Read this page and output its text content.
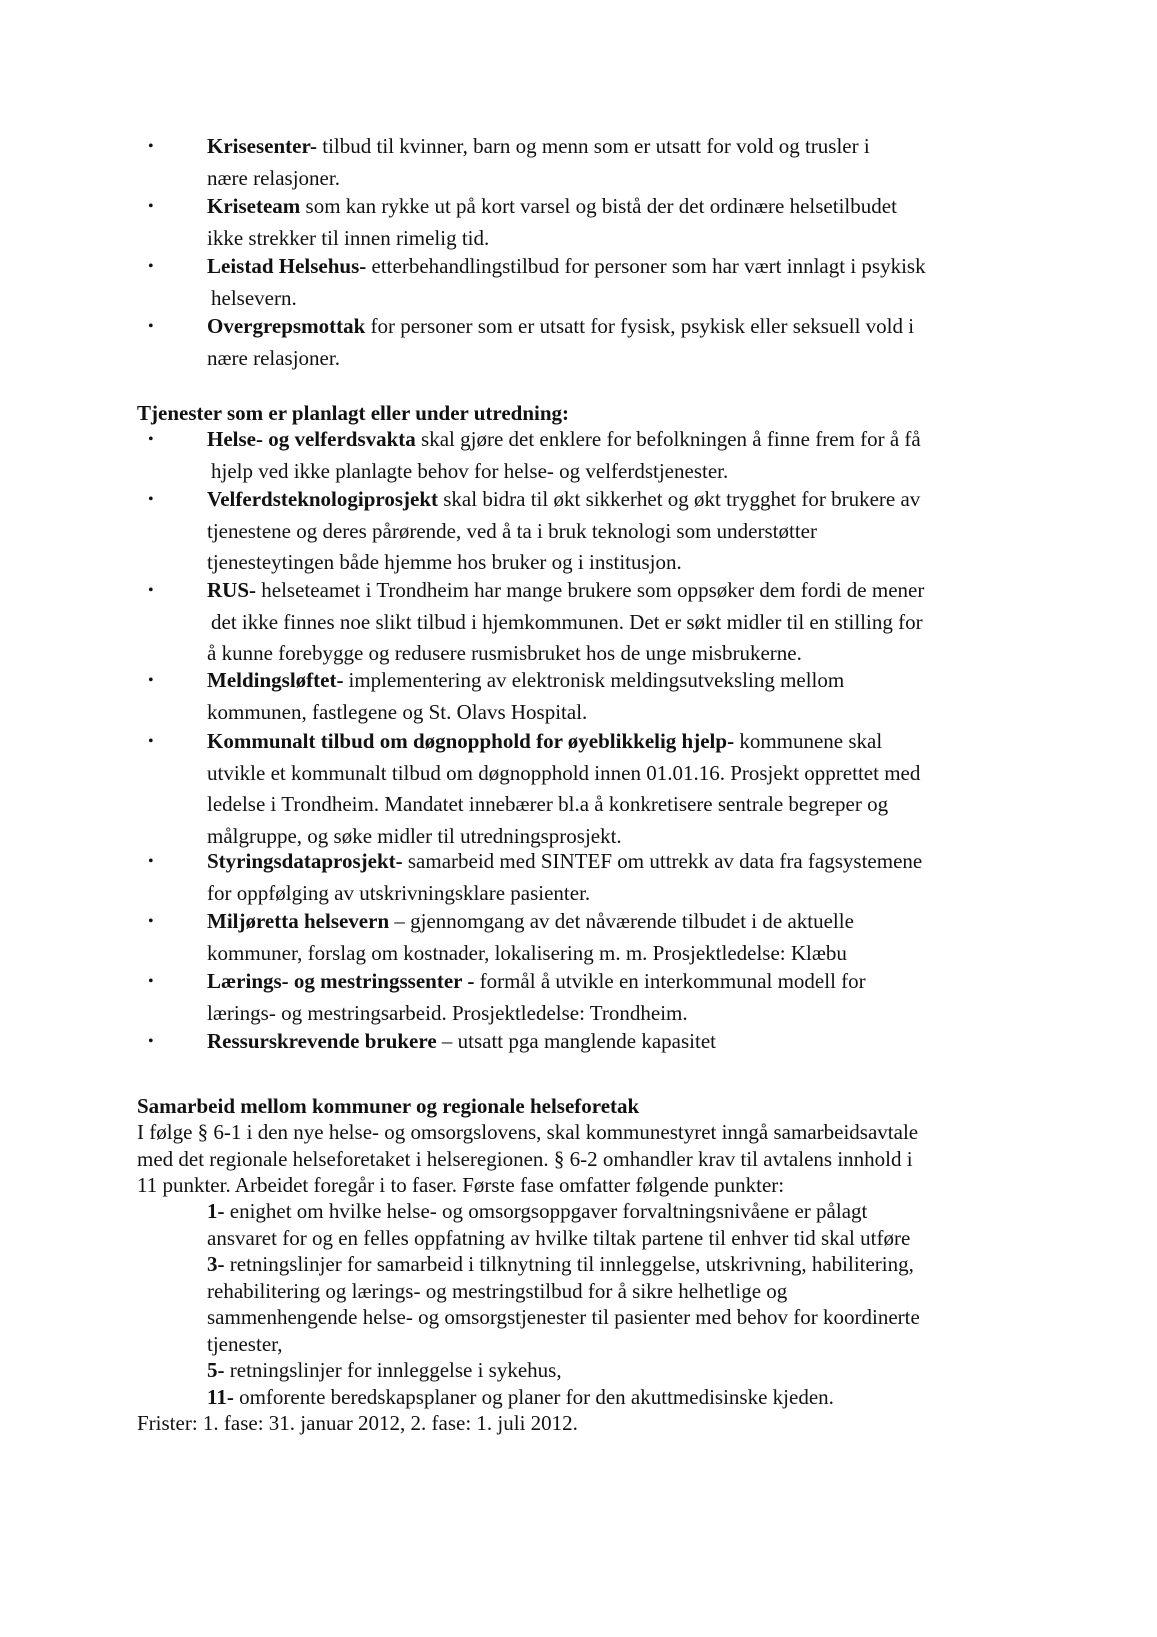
•	Krisesenter- tilbud til kvinner, barn og menn som er utsatt for vold og trusler i
nære relasjoner.
•	Kriseteam som kan rykke ut på kort varsel og bistå der det ordinære helsetilbudet
ikke strekker til innen rimelig tid.
•	Leistad Helsehus- etterbehandlingstilbud for personer som har vært innlagt i psykisk
helsevern.
•	Overgrepsmottak for personer som er utsatt for fysisk, psykisk eller seksuell vold i
nære relasjoner.
Tjenester som er planlagt eller under utredning:
•	Helse- og velferdsvakta skal gjøre det enklere for befolkningen å finne frem for å få
hjelp ved ikke planlagte behov for helse- og velferdstjenester.
•	Velferdsteknologiprosjekt skal bidra til økt sikkerhet og økt trygghet for brukere av
tjenestene og deres pårørende, ved å ta i bruk teknologi som understøtter
tjenesteytingen både hjemme hos bruker og i institusjon.
•	RUS- helseteamet i Trondheim har mange brukere som oppsøker dem fordi de mener
det ikke finnes noe slikt tilbud i hjemkommunen. Det er søkt midler til en stilling for
å kunne forebygge og redusere rusmisbruket hos de unge misbrukerne.
•	Meldingsløftet- implementering av elektronisk meldingsutveksling mellom
kommunen, fastlegene og St. Olavs Hospital.
•	Kommunalt tilbud om døgnopphold for øyeblikkelig hjelp- kommunene skal
utvikle et kommunalt tilbud om døgnopphold innen 01.01.16. Prosjekt opprettet med
ledelse i Trondheim. Mandatet innebærer bl.a å konkretisere sentrale begreper og
målgruppe, og søke midler til utredningsprosjekt.
•	Styringsdataprosjekt- samarbeid med SINTEF om uttrekk av data fra fagsystemene
for oppfølging av utskrivningsklare pasienter.
•	Miljøretta helsevern – gjennomgang av det nåværende tilbudet i de aktuelle
kommuner, forslag om kostnader, lokalisering m. m. Prosjektledelse: Klæbu
•	Lærings- og mestringssenter - formål å utvikle en interkommunal modell for
lærings- og mestringsarbeid. Prosjektledelse: Trondheim.
•	Ressurskrevende brukere – utsatt pga manglende kapasitet
Samarbeid mellom kommuner og regionale helseforetak
I følge § 6-1 i den nye helse- og omsorgslovens, skal kommunestyret inngå samarbeidsavtale
med det regionale helseforetaket i helseregionen. § 6-2 omhandler krav til avtalens innhold i
11 punkter. Arbeidet foregår i to faser. Første fase omfatter følgende punkter:
1- enighet om hvilke helse- og omsorgsoppgaver forvaltningsnivåene er pålagt
ansvaret for og en felles oppfatning av hvilke tiltak partene til enhver tid skal utføre
3- retningslinjer for samarbeid i tilknytning til innleggelse, utskrivning, habilitering,
rehabilitering og lærings- og mestringstilbud for å sikre helhetlige og
sammenhengende helse- og omsorgstjenester til pasienter med behov for koordinerte
tjenester,
5- retningslinjer for innleggelse i sykehus,
11- omforente beredskapsplaner og planer for den akuttmedisinske kjeden.
Frister: 1. fase: 31. januar 2012, 2. fase: 1. juli 2012.
